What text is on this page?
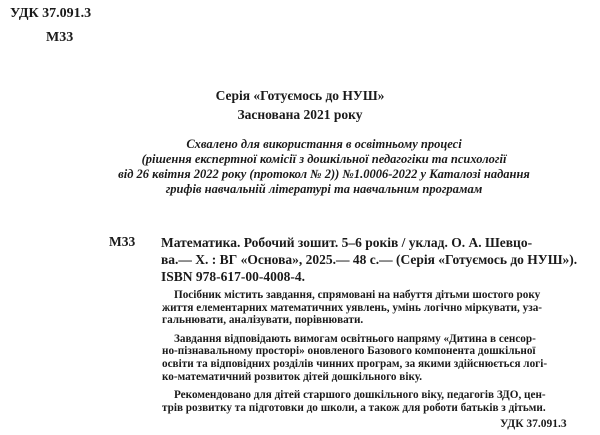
УДК 37.091.3
М33
Серія «Готуємось до НУШ»
Заснована 2021 року
Схвалено для використання в освітньому процесі
(рішення експертної комісії з дошкільної педагогіки та психології
від 26 квітня 2022 року (протокол № 2)) №1.0006-2022 у Каталозі надання
грифів навчальній літературі та навчальним програмам
М33 Математика. Робочий зошит. 5–6 років / уклад. О. А. Шевцо-
ва.— Х. : ВГ «Основа», 2025.— 48 с.— (Серія «Готуємось до НУШ»).
ISBN 978-617-00-4008-4.
Посібник містить завдання, спрямовані на набуття дітьми шостого року
життя елементарних математичних уявлень, умінь логічно міркувати, уза-
гальнювати, аналізувати, порівнювати.
Завдання відповідають вимогам освітнього напряму «Дитина в сенсор-
но-пізнавальному просторі» оновленого Базового компонента дошкільної
освіти та відповідних розділів чинних програм, за якими здійснюється логі-
ко-математичний розвиток дітей дошкільного віку.
Рекомендовано для дітей старшого дошкільного віку, педагогів ЗДО, цен-
трів розвитку та підготовки до школи, а також для роботи батьків з дітьми.
УДК 37.091.3
